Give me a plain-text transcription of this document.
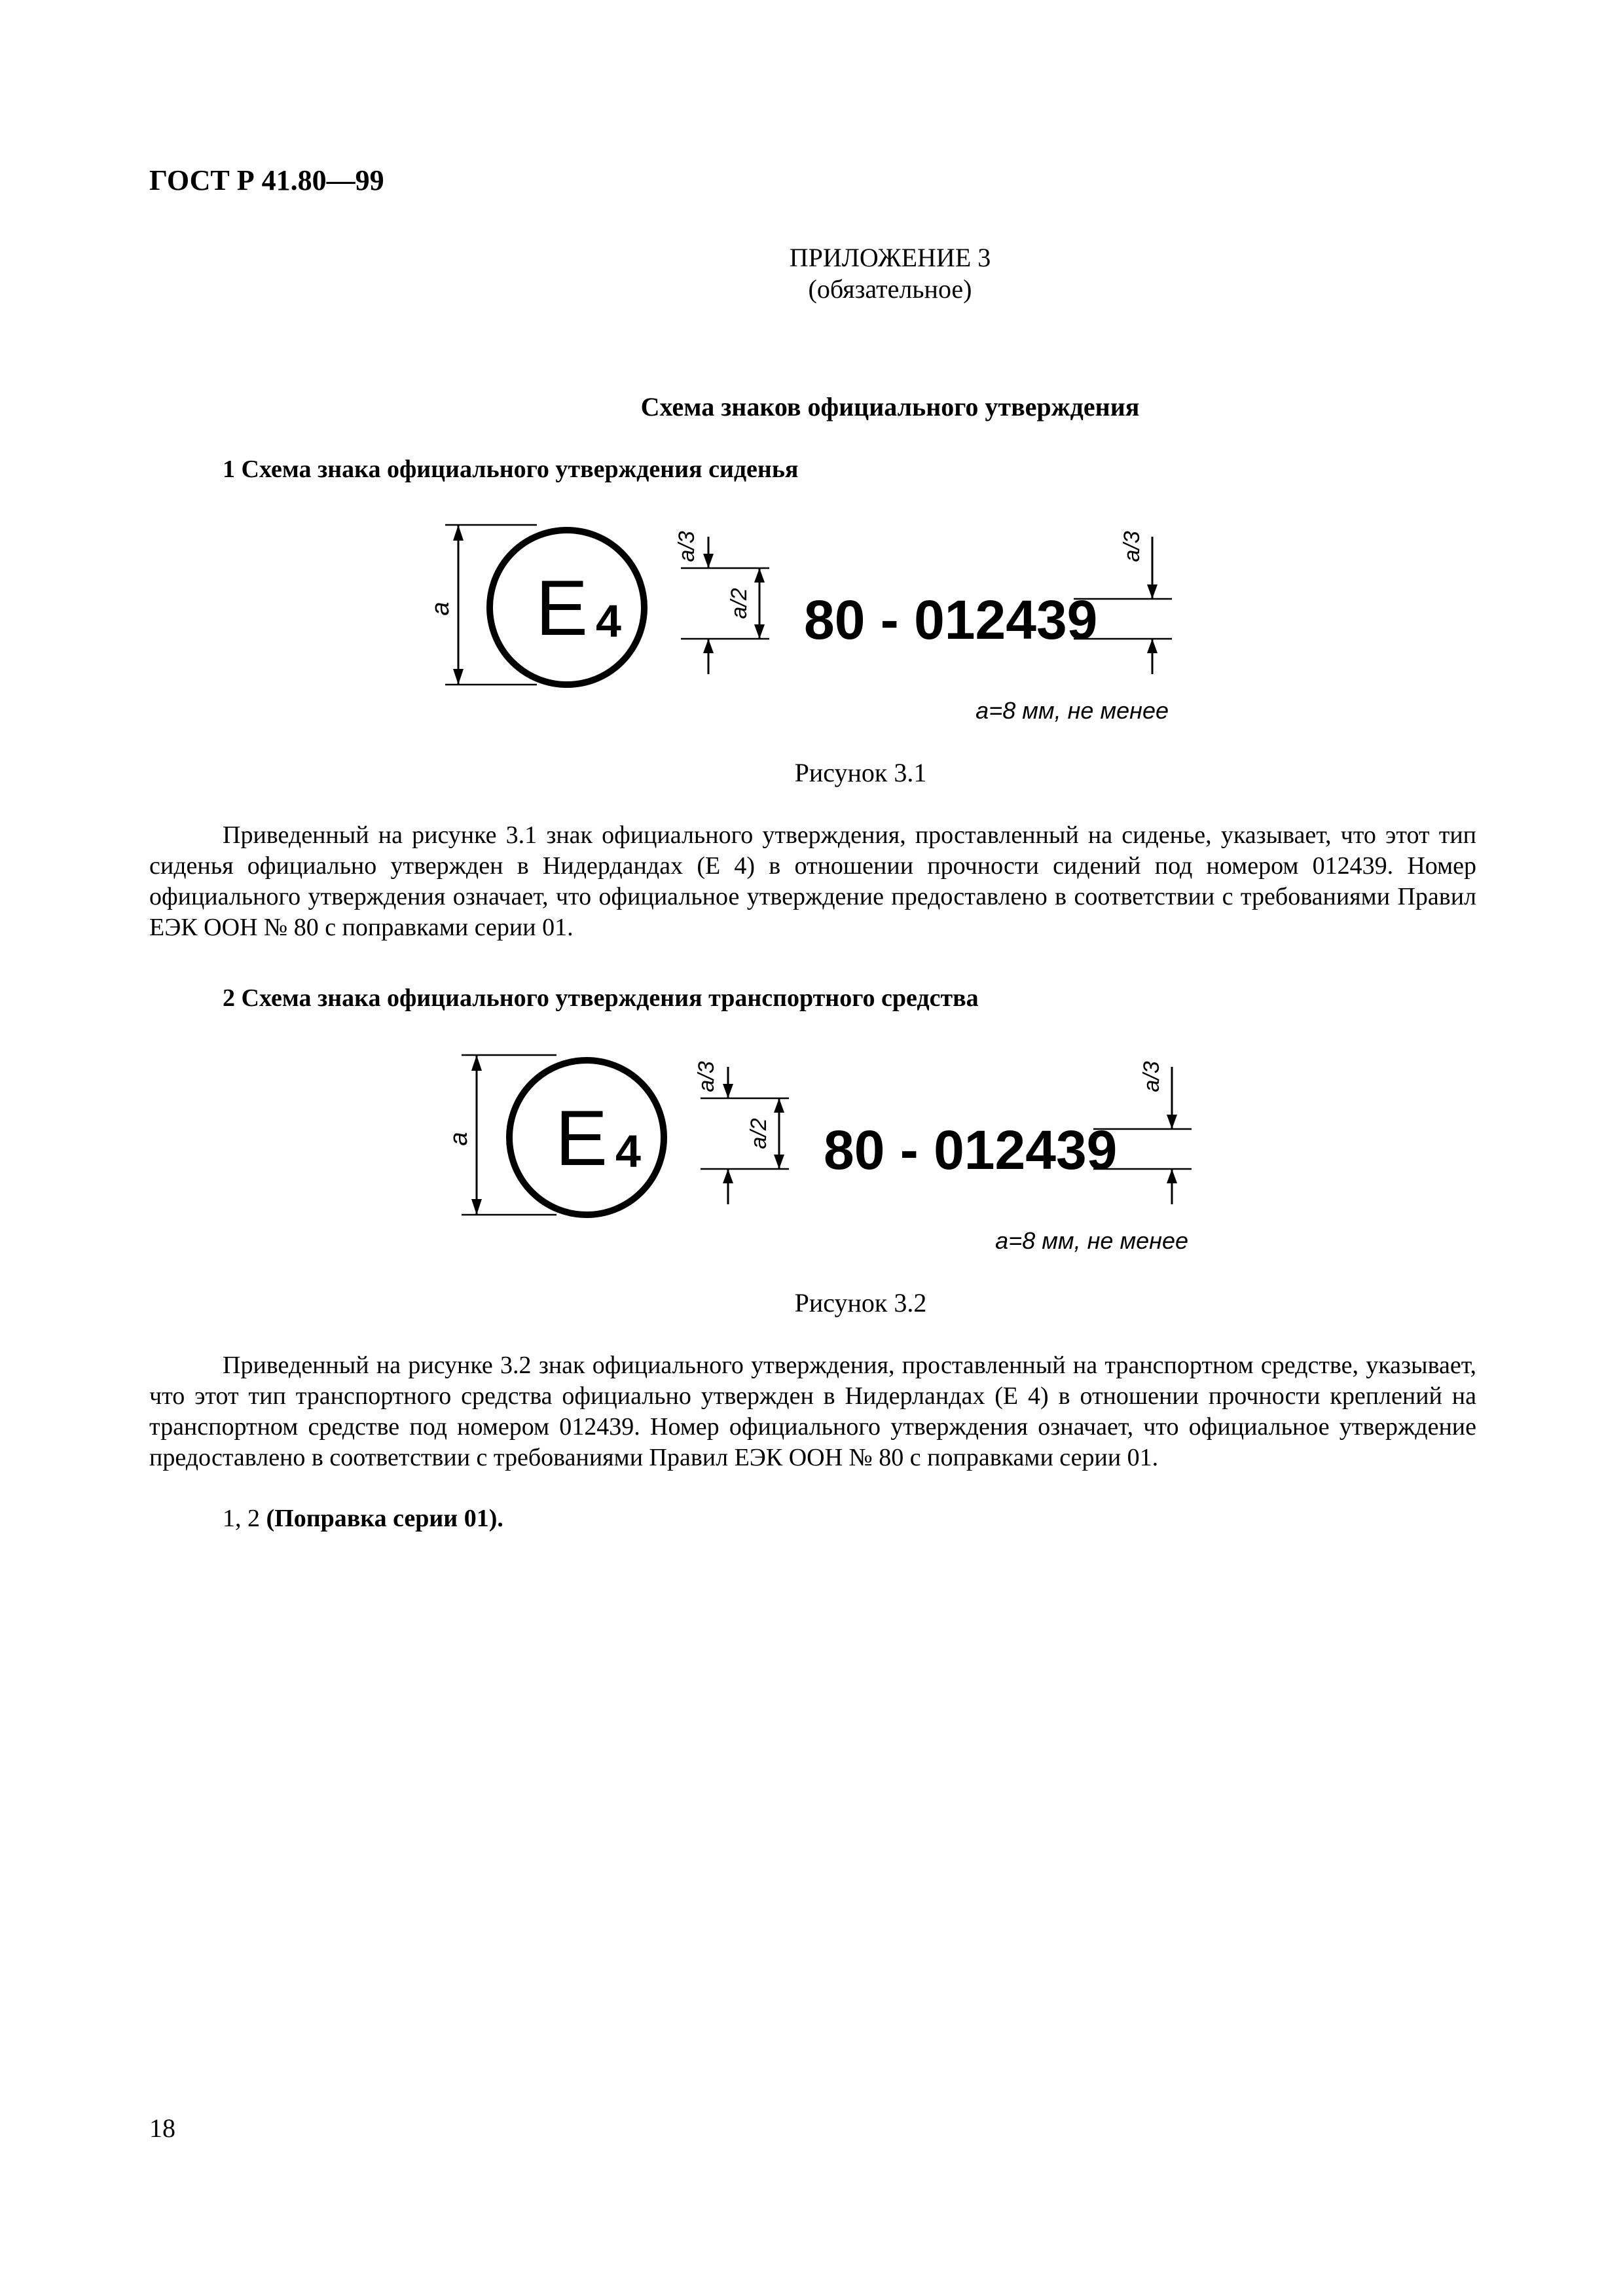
ГОСТ Р 41.80—99
ПРИЛОЖЕНИЕ 3
(обязательное)
Схема знаков официального утверждения
1 Схема знака официального утверждения сиденья
a E 4
a/3
a/2 80 - 012439
a/3
a=8 мм, не менее
Рисунок 3.1

Приведенный на рисунке 3.1 знак официального утверждения, проставленный на сиденье, указывает, что этот тип сиденья официально утвержден в Нидердандах (Е 4) в отношении прочности сидений под номером 012439. Номер официального утверждения означает, что официальное утверждение предоставлено в соответствии с требованиями Правил ЕЭК ООН № 80 с поправками серии 01.

2 Схема знака официального утверждения транспортного средства
a E 4
a/3
a/2 80 - 012439
a/3
a=8 мм, не менее
Рисунок 3.2

Приведенный на рисунке 3.2 знак официального утверждения, проставленный на транспортном средстве, указывает, что этот тип транспортного средства официально утвержден в Нидерландах (Е 4) в отношении прочности креплений на транспортном средстве под номером 012439. Номер официального утверждения означает, что официальное утверждение предоставлено в соответствии с требованиями Правил ЕЭК ООН № 80 с поправками серии 01.

1, 2 (Поправка серии 01).
18
